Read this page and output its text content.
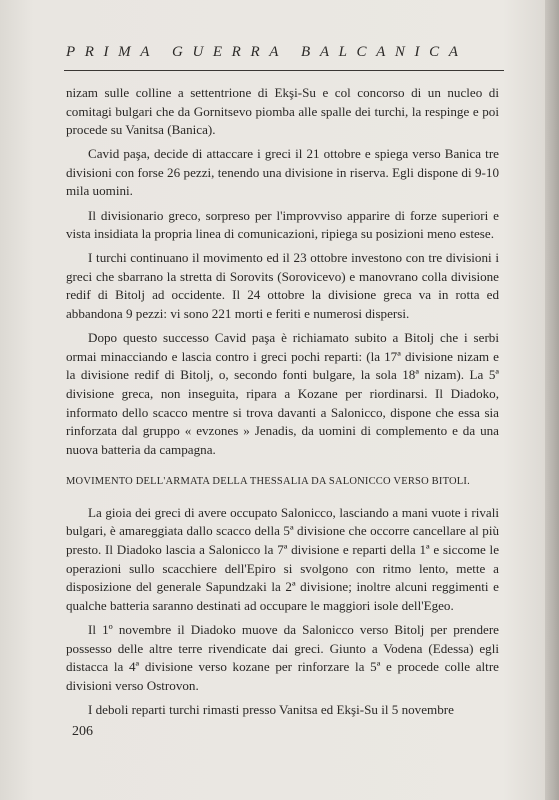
PRIMA GUERRA BALCANICA

nizam sulle colline a settentrione di Ekşi-Su e col concorso di un nucleo di comitagi bulgari che da Gornitsevo piomba alle spalle dei turchi, la respinge e poi procede su Vanitsa (Banica).

Cavid paşa, decide di attaccare i greci il 21 ottobre e spiega verso Banica tre divisioni con forse 26 pezzi, tenendo una divisione in riserva. Egli dispone di 9-10 mila uomini.

Il divisionario greco, sorpreso per l'improvviso apparire di forze superiori e vista insidiata la propria linea di comunicazioni, ripiega su posizioni meno estese.

I turchi continuano il movimento ed il 23 ottobre investono con tre divisioni i greci che sbarrano la stretta di Sorovits (Sorovicevo) e manovrano colla divisione redif di Bitolj ad occidente. Il 24 ottobre la divisione greca va in rotta ed abbandona 9 pezzi: vi sono 221 morti e feriti e numerosi dispersi.

Dopo questo successo Cavid paşa è richiamato subito a Bitolj che i serbi ormai minacciando e lascia contro i greci pochi reparti: (la 17ª divisione nizam e la divisione redif di Bitolj, o, secondo fonti bulgare, la sola 18ª nizam). La 5ª divisione greca, non inseguita, ripara a Kozane per riordinarsi. Il Diadoko, informato dello scacco mentre si trova davanti a Salonicco, dispone che essa sia rinforzata dal gruppo « evzones » Jenadis, da uomini di complemento e da una nuova batteria da campagna.

MOVIMENTO DELL'ARMATA DELLA THESSALIA DA SALONICCO VERSO BITOLI.

La gioia dei greci di avere occupato Salonicco, lasciando a mani vuote i rivali bulgari, è amareggiata dallo scacco della 5ª divisione che occorre cancellare al più presto. Il Diadoko lascia a Salonicco la 7ª divisione e reparti della 1ª e siccome le operazioni sullo scacchiere dell'Epiro si svolgono con ritmo lento, mette a disposizione del generale Sapundzaki la 2ª divisione; inoltre alcuni reggimenti e qualche batteria saranno destinati ad occupare le maggiori isole dell'Egeo.

Il 1º novembre il Diadoko muove da Salonicco verso Bitolj per prendere possesso delle altre terre rivendicate dai greci. Giunto a Vodena (Edessa) egli distacca la 4ª divisione verso kozane per rinforzare la 5ª e procede colle altre divisioni verso Ostrovon.

I deboli reparti turchi rimasti presso Vanitsa ed Ekşi-Su il 5 novembre

206
